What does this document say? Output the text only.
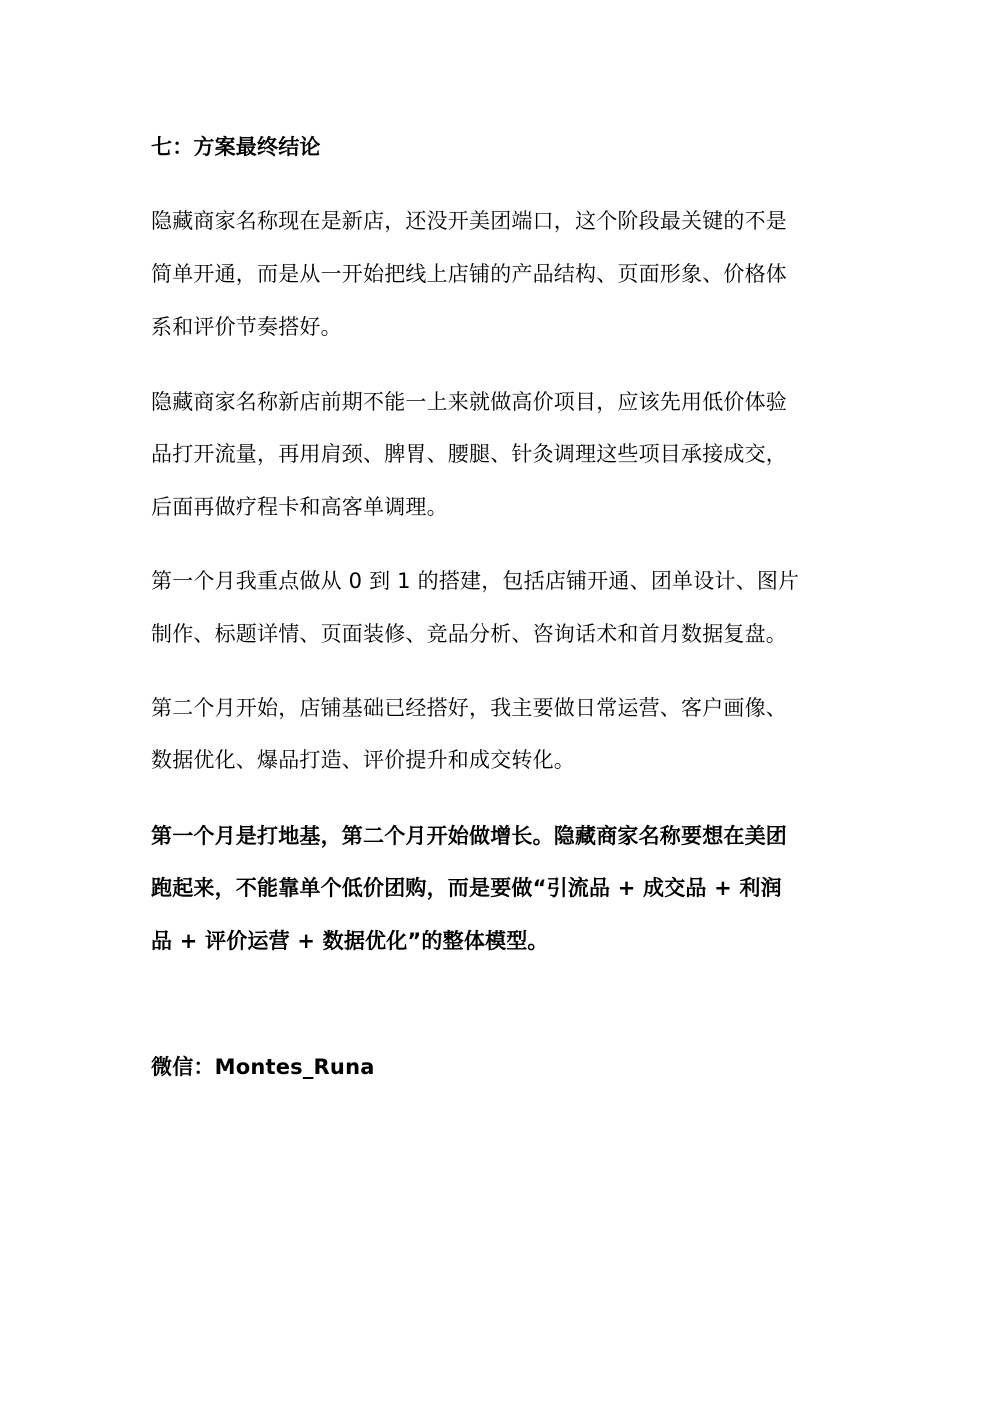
七：方案最终结论
隐藏商家名称现在是新店，还没开美团端口，这个阶段最关键的不是
简单开通，而是从一开始把线上店铺的产品结构、页面形象、价格体
系和评价节奏搭好。
隐藏商家名称新店前期不能一上来就做高价项目，应该先用低价体验
品打开流量，再用肩颈、脾胃、腰腿、针灸调理这些项目承接成交，
后面再做疗程卡和高客单调理。
第一个月我重点做从 0 到 1 的搭建，包括店铺开通、团单设计、图片
制作、标题详情、页面装修、竞品分析、咨询话术和首月数据复盘。
第二个月开始，店铺基础已经搭好，我主要做日常运营、客户画像、
数据优化、爆品打造、评价提升和成交转化。
第一个月是打地基，第二个月开始做增长。隐藏商家名称要想在美团
跑起来，不能靠单个低价团购，而是要做“引流品 + 成交品 + 利润
品 + 评价运营 + 数据优化”的整体模型。
微信：Montes_Runa
